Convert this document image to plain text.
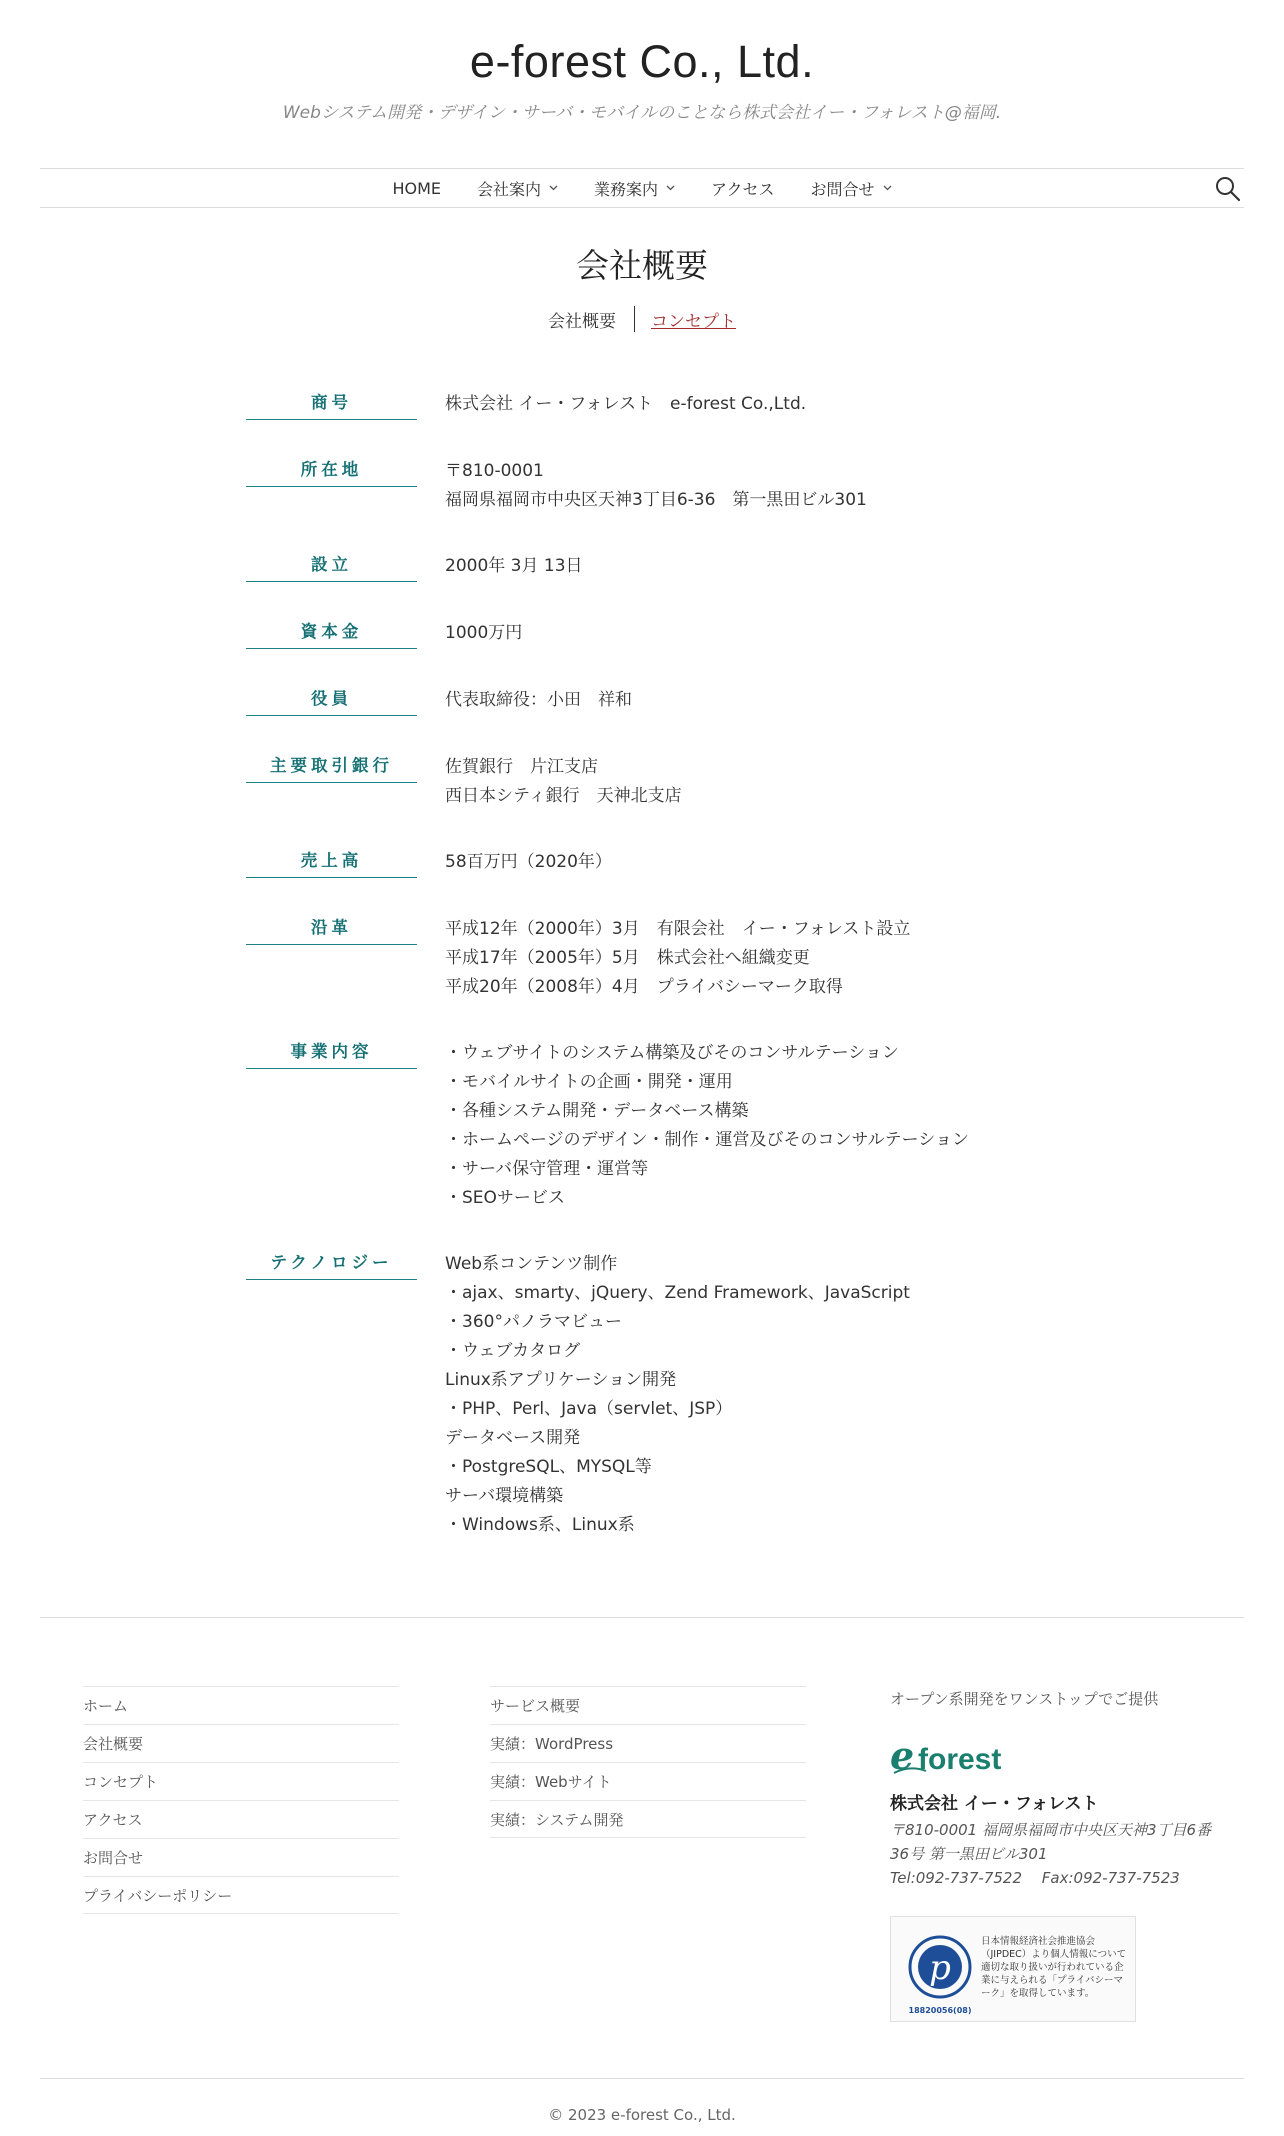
e-forest Co., Ltd.
Webシステム開発・デザイン・サーバ・モバイルのことなら株式会社イー・フォレスト@福岡.
HOME 会社案内	業務案内	アクセス お問合せ
会社概要
会社概要	コンセプト
商号	株式会社 イー・フォレスト　e-forest Co.,Ltd.
所在地	〒810-0001
福岡県福岡市中央区天神3丁目6-36　第一黒田ビル301
設立	2000年 3月 13日
資本金	1000万円
役員	代表取締役：小田　祥和
主要取引銀行	佐賀銀行　片江支店
西日本シティ銀行　天神北支店
売上高	58百万円（2020年）
沿革	平成12年（2000年）3月　有限会社　イー・フォレスト設立
平成17年（2005年）5月　株式会社へ組織変更
平成20年（2008年）4月　プライバシーマーク取得
事業内容	・ウェブサイトのシステム構築及びそのコンサルテーション
・モバイルサイトの企画・開発・運用
・各種システム開発・データベース構築
・ホームページのデザイン・制作・運営及びそのコンサルテーション
・サーバ保守管理・運営等
・SEOサービス
テクノロジー	Web系コンテンツ制作
・ajax、smarty、jQuery、Zend Framework、JavaScript
・360°パノラマビュー
・ウェブカタログ
Linux系アプリケーション開発
・PHP、Perl、Java（servlet、JSP）
データベース開発
・PostgreSQL、MYSQL等
サーバ環境構築
・Windows系、Linux系
ホーム
会社概要
コンセプト
アクセス
お問合せ
プライバシーポリシー
サービス概要
実績：WordPress
実績：Webサイト
実績：システム開発
オープン系開発をワンストップでご提供
e forest
株式会社 イー・フォレスト
〒810-0001 福岡県福岡市中央区天神3丁目6番
36号 第一黒田ビル301
Tel:092-737-7522　 Fax:092-737-7523
p
18820056(08)
日本情報経済社会推進協会（JIPDEC）より個人情報について適切な取り扱いが行われている企業に与えられる「プライバシーマーク」を取得しています。
© 2023 e-forest Co., Ltd.
